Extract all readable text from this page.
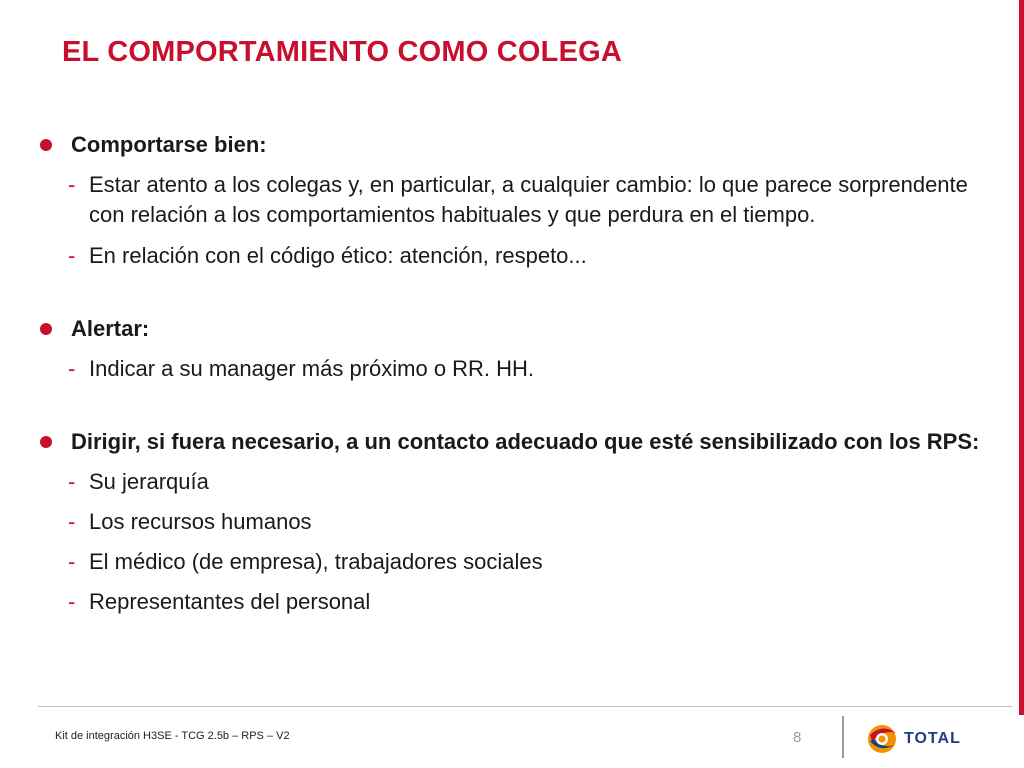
EL COMPORTAMIENTO COMO COLEGA
Comportarse bien:
- Estar atento a los colegas y, en particular, a cualquier cambio: lo que parece sorprendente con relación a los comportamientos habituales y que perdura en el tiempo.
- En relación con el código ético: atención, respeto...
Alertar:
- Indicar a su manager más próximo o RR. HH.
Dirigir, si fuera necesario, a un contacto adecuado que esté sensibilizado con los RPS:
- Su jerarquía
- Los recursos humanos
- El médico (de empresa), trabajadores sociales
- Representantes del personal
Kit de integración H3SE - TCG 2.5b – RPS – V2	8	TOTAL
